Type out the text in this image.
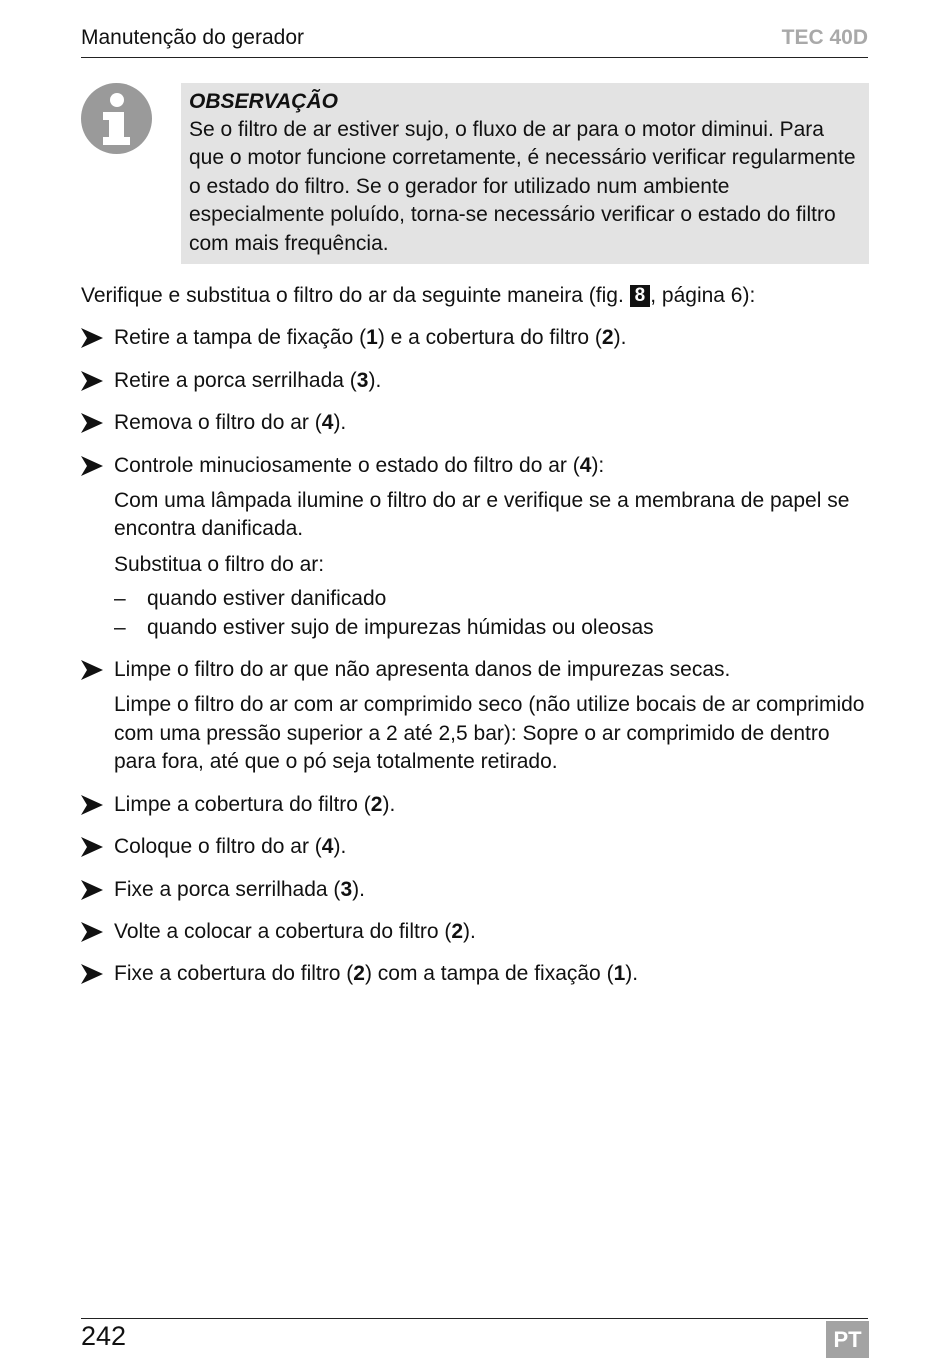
Manutenção do gerador	TEC 40D
OBSERVAÇÃO
Se o filtro de ar estiver sujo, o fluxo de ar para o motor diminui. Para que o motor funcione corretamente, é necessário verificar regularmente o estado do filtro. Se o gerador for utilizado num ambiente especialmente poluído, torna-se necessário verificar o estado do filtro com mais frequência.

Verifique e substitua o filtro do ar da seguinte maneira (fig. 8 , página 6):

Retire a tampa de fixação (1) e a cobertura do filtro (2).
Retire a porca serrilhada (3).
Remova o filtro do ar (4).
Controle minuciosamente o estado do filtro do ar (4):
Com uma lâmpada ilumine o filtro do ar e verifique se a membrana de papel se encontra danificada.
Substitua o filtro do ar:
– quando estiver danificado
– quando estiver sujo de impurezas húmidas ou oleosas
Limpe o filtro do ar que não apresenta danos de impurezas secas.
Limpe o filtro do ar com ar comprimido seco (não utilize bocais de ar comprimido com uma pressão superior a 2 até 2,5 bar): Sopre o ar comprimido de dentro para fora, até que o pó seja totalmente retirado.
Limpe a cobertura do filtro (2).
Coloque o filtro do ar (4).
Fixe a porca serrilhada (3).
Volte a colocar a cobertura do filtro (2).
Fixe a cobertura do filtro (2) com a tampa de fixação (1).
242	PT
